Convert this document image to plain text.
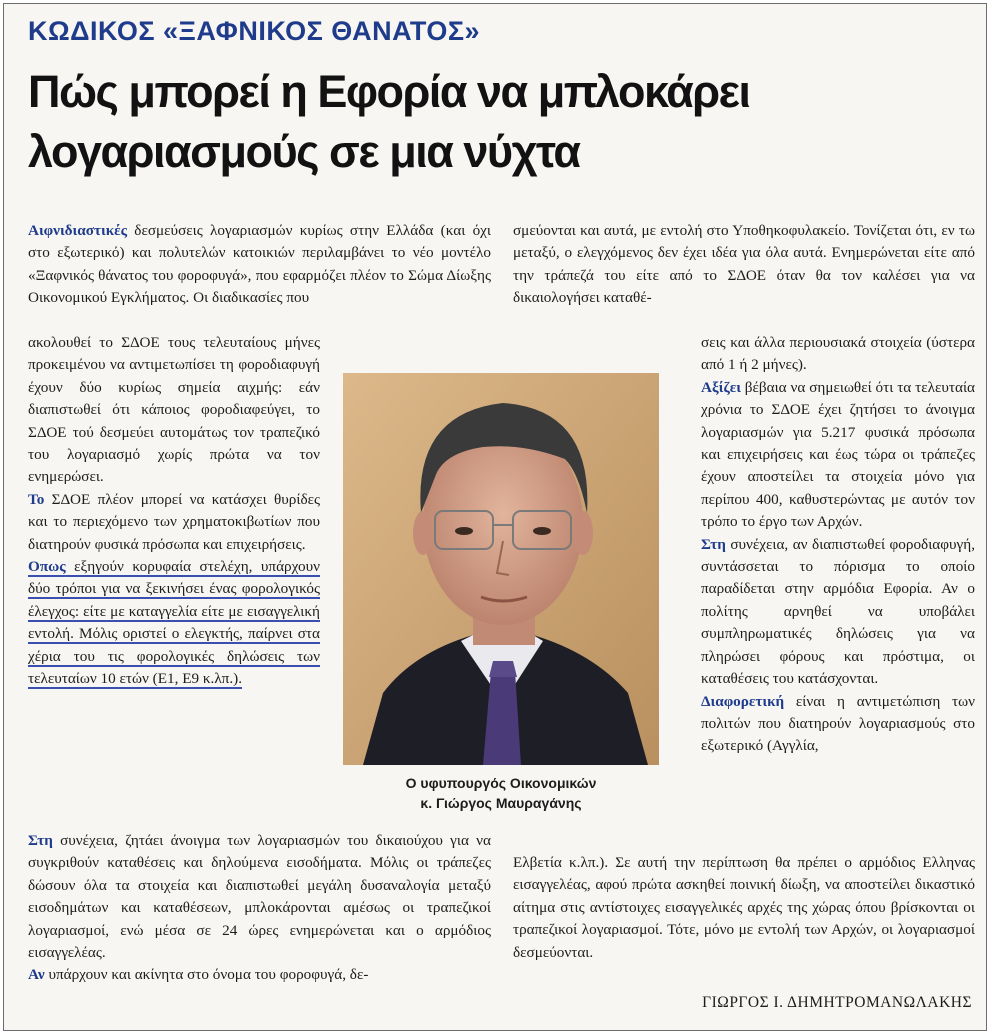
ΚΩΔΙΚΟΣ «ΞΑΦΝΙΚΟΣ ΘΑΝΑΤΟΣ»
Πώς μπορεί η Εφορία να μπλοκάρει λογαριασμούς σε μια νύχτα

Αιφνιδιαστικές δεσμεύσεις λογαριασμών κυρίως στην Ελλάδα (και όχι στο εξωτερικό) και πολυτελών κατοικιών περιλαμβάνει το νέο μοντέλο «Ξαφνικός θάνατος του φοροφυγά», που εφαρμόζει πλέον το Σώμα Δίωξης Οικονομικού Εγκλήματος. Οι διαδικασίες που

ακολουθεί το ΣΔΟΕ τους τελευταίους μήνες προκειμένου να αντιμετωπίσει τη φοροδιαφυγή έχουν δύο κυρίως σημεία αιχμής: εάν διαπιστωθεί ότι κάποιος φοροδιαφεύγει, το ΣΔΟΕ τού δεσμεύει αυτομάτως τον τραπεζικό του λογαριασμό χωρίς πρώτα να τον ενημερώσει.

Το ΣΔΟΕ πλέον μπορεί να κατάσχει θυρίδες και το περιεχόμενο των χρηματοκιβωτίων που διατηρούν φυσικά πρόσωπα και επιχειρήσεις.

Οπως εξηγούν κορυφαία στελέχη, υπάρχουν δύο τρόποι για να ξεκινήσει ένας φορολογικός έλεγχος: είτε με καταγγελία είτε με εισαγγελική εντολή. Μόλις οριστεί ο ελεγκτής, παίρνει στα χέρια του τις φορολογικές δηλώσεις των τελευταίων 10 ετών (Ε1, Ε9 κ.λπ.).

Ο υφυπουργός Οικονομικών
κ. Γιώργος Μαυραγάνης

Στη συνέχεια, ζητάει άνοιγμα των λογαριασμών του δικαιούχου για να συγκριθούν καταθέσεις και δηλούμενα εισοδήματα. Μόλις οι τράπεζες δώσουν όλα τα στοιχεία και διαπιστωθεί μεγάλη δυσαναλογία μεταξύ εισοδημάτων και καταθέσεων, μπλοκάρονται αμέσως οι τραπεζικοί λογαριασμοί, ενώ μέσα σε 24 ώρες ενημερώνεται και ο αρμόδιος εισαγγελέας.

Αν υπάρχουν και ακίνητα στο όνομα του φοροφυγά, δε-

σμεύονται και αυτά, με εντολή στο Υποθηκοφυλακείο. Τονίζεται ότι, εν τω μεταξύ, ο ελεγχόμενος δεν έχει ιδέα για όλα αυτά. Ενημερώνεται είτε από την τράπεζά του είτε από το ΣΔΟΕ όταν θα τον καλέσει για να δικαιολογήσει καταθέ-

σεις και άλλα περιουσιακά στοιχεία (ύστερα από 1 ή 2 μήνες).

Αξίζει βέβαια να σημειωθεί ότι τα τελευταία χρόνια το ΣΔΟΕ έχει ζητήσει το άνοιγμα λογαριασμών για 5.217 φυσικά πρόσωπα και επιχειρήσεις και έως τώρα οι τράπεζες έχουν αποστείλει τα στοιχεία μόνο για περίπου 400, καθυστερώντας με αυτόν τον τρόπο το έργο των Αρχών.

Στη συνέχεια, αν διαπιστωθεί φοροδιαφυγή, συντάσσεται το πόρισμα το οποίο παραδίδεται στην αρμόδια Εφορία. Αν ο πολίτης αρνηθεί να υποβάλει συμπληρωματικές δηλώσεις για να πληρώσει φόρους και πρόστιμα, οι καταθέσεις του κατάσχονται.

Διαφορετική είναι η αντιμετώπιση των πολιτών που διατηρούν λογαριασμούς στο εξωτερικό (Αγγλία,

Ελβετία κ.λπ.). Σε αυτή την περίπτωση θα πρέπει ο αρμόδιος Ελληνας εισαγγελέας, αφού πρώτα ασκηθεί ποινική δίωξη, να αποστείλει δικαστικό αίτημα στις αντίστοιχες εισαγγελικές αρχές της χώρας όπου βρίσκονται οι τραπεζικοί λογαριασμοί. Τότε, μόνο με εντολή των Αρχών, οι λογαριασμοί δεσμεύονται.

ΓΙΩΡΓΟΣ Ι. ΔΗΜΗΤΡΟΜΑΝΩΛΑΚΗΣ
